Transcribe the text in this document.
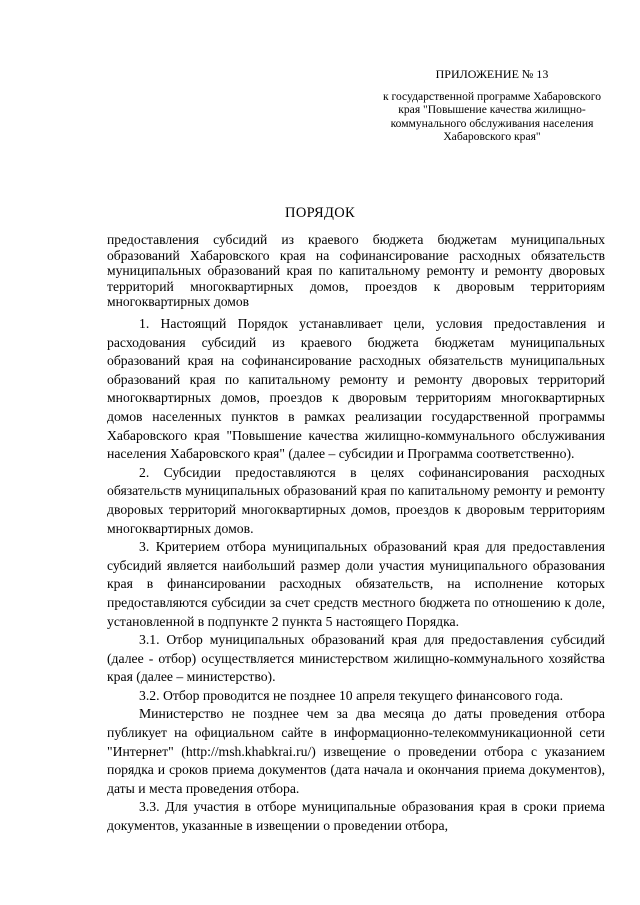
ПРИЛОЖЕНИЕ № 13
к государственной программе Хабаровского края "Повышение качества жилищно-коммунального обслуживания населения Хабаровского края"
ПОРЯДОК
предоставления субсидий из краевого бюджета бюджетам муниципальных образований Хабаровского края на софинансирование расходных обязательств муниципальных образований края по капитальному ремонту и ремонту дворовых территорий многоквартирных домов, проездов к дворовым территориям многоквартирных домов

1. Настоящий Порядок устанавливает цели, условия предоставления и расходования субсидий из краевого бюджета бюджетам муниципальных образований края на софинансирование расходных обязательств муниципальных образований края по капитальному ремонту и ремонту дворовых территорий многоквартирных домов, проездов к дворовым территориям многоквартирных домов населенных пунктов в рамках реализации государственной программы Хабаровского края "Повышение качества жилищно-коммунального обслуживания населения Хабаровского края" (далее – субсидии и Программа соответственно).

2. Субсидии предоставляются в целях софинансирования расходных обязательств муниципальных образований края по капитальному ремонту и ремонту дворовых территорий многоквартирных домов, проездов к дворовым территориям многоквартирных домов.

3. Критерием отбора муниципальных образований края для предоставления субсидий является наибольший размер доли участия муниципального образования края в финансировании расходных обязательств, на исполнение которых предоставляются субсидии за счет средств местного бюджета по отношению к доле, установленной в подпункте 2 пункта 5 настоящего Порядка.

3.1. Отбор муниципальных образований края для предоставления субсидий (далее - отбор) осуществляется министерством жилищно-коммунального хозяйства края (далее – министерство).

3.2. Отбор проводится не позднее 10 апреля текущего финансового года.

Министерство не позднее чем за два месяца до даты проведения отбора публикует на официальном сайте в информационно-телекоммуникационной сети "Интернет" (http://msh.khabkrai.ru/) извещение о проведении отбора с указанием порядка и сроков приема документов (дата начала и окончания приема документов), даты и места проведения отбора.

3.3. Для участия в отборе муниципальные образования края в сроки приема документов, указанные в извещении о проведении отбора,
